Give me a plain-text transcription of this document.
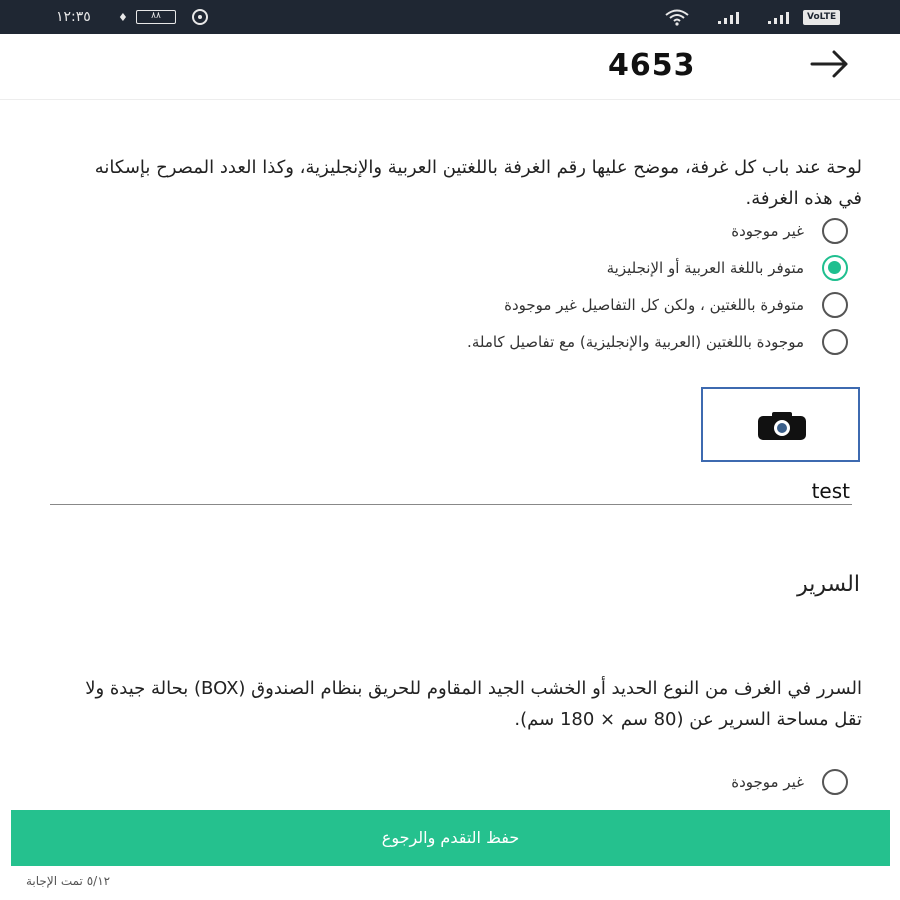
١٢:٣٥ ♦	٨٨	VoLTE
4653
لوحة عند باب كل غرفة، موضح عليها رقم الغرفة باللغتين العربية والإنجليزية، وكذا العدد المصرح بإسكانه في هذه الغرفة.
غير موجودة
متوفر باللغة العربية أو الإنجليزية
متوفرة باللغتين ، ولكن كل التفاصيل غير موجودة
موجودة باللغتين (العربية والإنجليزية) مع تفاصيل كاملة.
test
السرير
السرر في الغرف من النوع الحديد أو الخشب الجيد المقاوم للحريق بنظام الصندوق (BOX) بحالة جيدة ولا تقل مساحة السرير عن (80 سم × 180 سم).
غير موجودة
حفظ التقدم والرجوع
٥/١٢ تمت الإجابة
